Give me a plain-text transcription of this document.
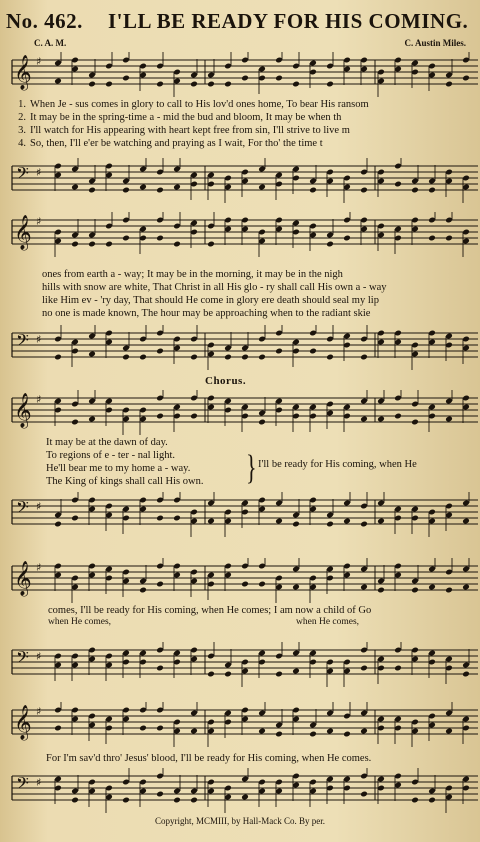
No. 462. I'LL BE READY FOR HIS COMING.
C. A. M.	C. Austin Miles.
𝄞 ♯
1. When Je - sus comes in glory to call to His lov'd ones home, To bear His ransom
2. It may be in the spring-time a - mid the bud and bloom, It may be when th
3. I'll watch for His appearing with heart kept free from sin, I'll strive to live m
4. So, then, I'll e'er be watching and praying as I wait, For tho' the time t
𝄢 ♯
𝄞 ♯
ones from earth a - way; It may be in the morning, it may be in the nigh
hills with snow are white, That Christ in all His glo - ry shall call His own a - way
like Him ev - 'ry day, That should He come in glory ere death should seal my lip
no one is made known, The hour may be approaching when to the radiant skie
𝄢 ♯
Chorus.
𝄞 ♯
It may be at the dawn of day.
To regions of e - ter - nal light.
He'll bear me to my home a - way.
The King of kings shall call His own. } I'll be ready for His coming, when He
𝄢 ♯
𝄞 ♯
comes, I'll be ready for His coming, when He comes; I am now a child of Go
when He comes,	when He comes,
𝄢 ♯
𝄞 ♯
For I'm sav'd thro' Jesus' blood, I'll be ready for His coming, when He comes.
𝄢 ♯
Copyright, MCMIII, by Hall-Mack Co. By per.
